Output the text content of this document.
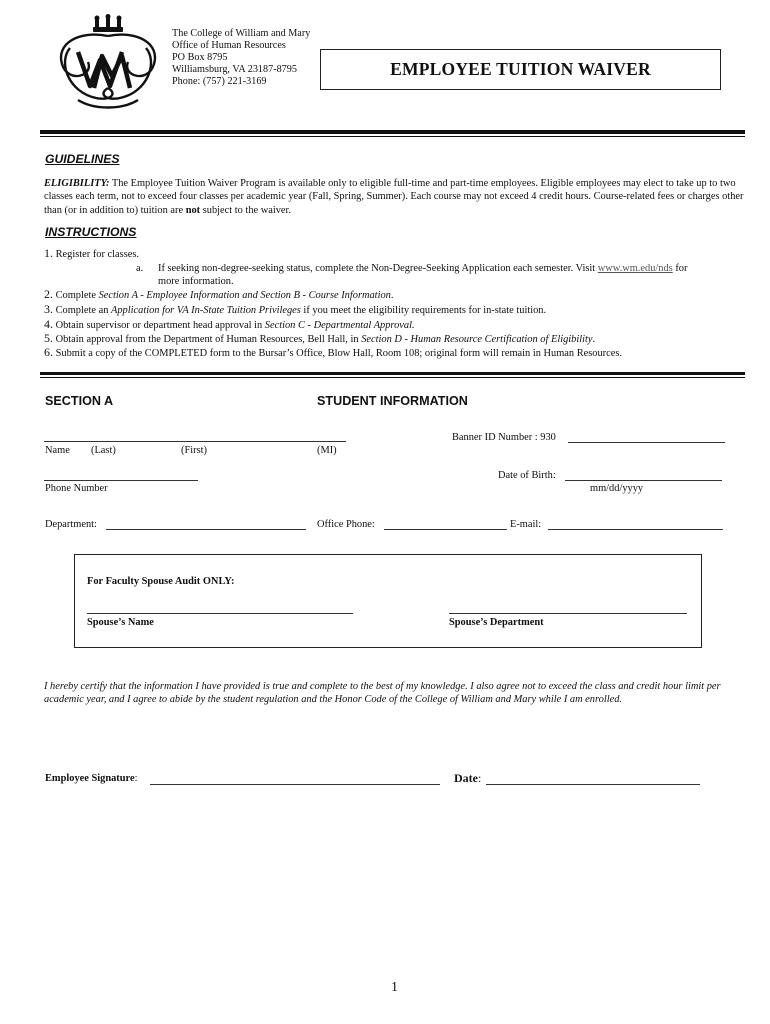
The College of William and Mary
Office of Human Resources
PO Box 8795
Williamsburg, VA 23187-8795
Phone: (757) 221-3169
EMPLOYEE TUITION WAIVER
GUIDELINES
ELIGIBILITY: The Employee Tuition Waiver Program is available only to eligible full-time and part-time employees. Eligible employees may elect to take up to two classes each term, not to exceed four classes per academic year (Fall, Spring, Summer). Each course may not exceed 4 credit hours. Course-related fees or charges other than (or in addition to) tuition are not subject to the waiver.
INSTRUCTIONS
1. Register for classes.
a. If seeking non-degree-seeking status, complete the Non-Degree-Seeking Application each semester. Visit www.wm.edu/nds for
more information.
2. Complete Section A - Employee Information and Section B - Course Information.
3. Complete an Application for VA In-State Tuition Privileges if you meet the eligibility requirements for in-state tuition.
4. Obtain supervisor or department head approval in Section C - Departmental Approval.
5. Obtain approval from the Department of Human Resources, Bell Hall, in Section D - Human Resource Certification of Eligibility.
6. Submit a copy of the COMPLETED form to the Bursar’s Office, Blow Hall, Room 108; original form will remain in Human Resources.
SECTION A	STUDENT INFORMATION
Banner ID Number : 930
Name (Last)	(First)	(MI)
Phone Number
Date of Birth:
mm/dd/yyyy
Department:	Office Phone:	E-mail:
For Faculty Spouse Audit ONLY:
Spouse’s Name	Spouse’s Department
I hereby certify that the information I have provided is true and complete to the best of my knowledge. I also agree not to exceed the class and credit hour limit per academic year, and I agree to abide by the student regulation and the Honor Code of the College of William and Mary while I am enrolled.
Employee Signature:	Date:
1
